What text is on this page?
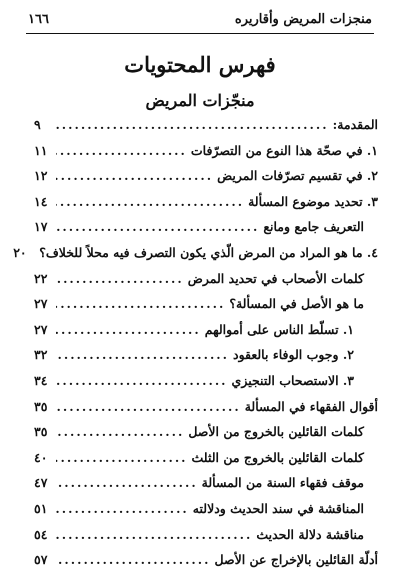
منجزات المريض وأقاريره
١٦٦
فهرس المحتويات
منجّزات المريض
المقدمة:
.....
٩
١. في صحّة هذا النوع من التصرّفات
.....
١١
٢. في تقسيم تصرّفات المريض
.....
١٢
٣. تحديد موضوع المسألة
.....
١٤
التعريف جامع ومانع
.....
١٧
٤. ما هو المراد من المرض الّذي يكون التصرف فيه محلاً للخلاف؟
٢٠
كلمات الأصحاب في تحديد المرض
.....
٢٢
ما هو الأصل في المسألة؟
.....
٢٧
١. تسلّط الناس على أموالهم
.....
٢٧
٢. وجوب الوفاء بالعقود
.....
٣٢
٣. الاستصحاب التنجيزي
.....
٣٤
أقوال الفقهاء في المسألة
.....
٣٥
كلمات القائلين بالخروج من الأصل
.....
٣٥
كلمات القائلين بالخروج من الثلث
.....
٤٠
موقف فقهاء السنة من المسألة
.....
٤٧
المناقشة في سند الحديث ودلالته
.....
٥١
مناقشة دلالة الحديث
.....
٥٤
أدلّة القائلين بالإخراج عن الأصل
.....
٥٧
